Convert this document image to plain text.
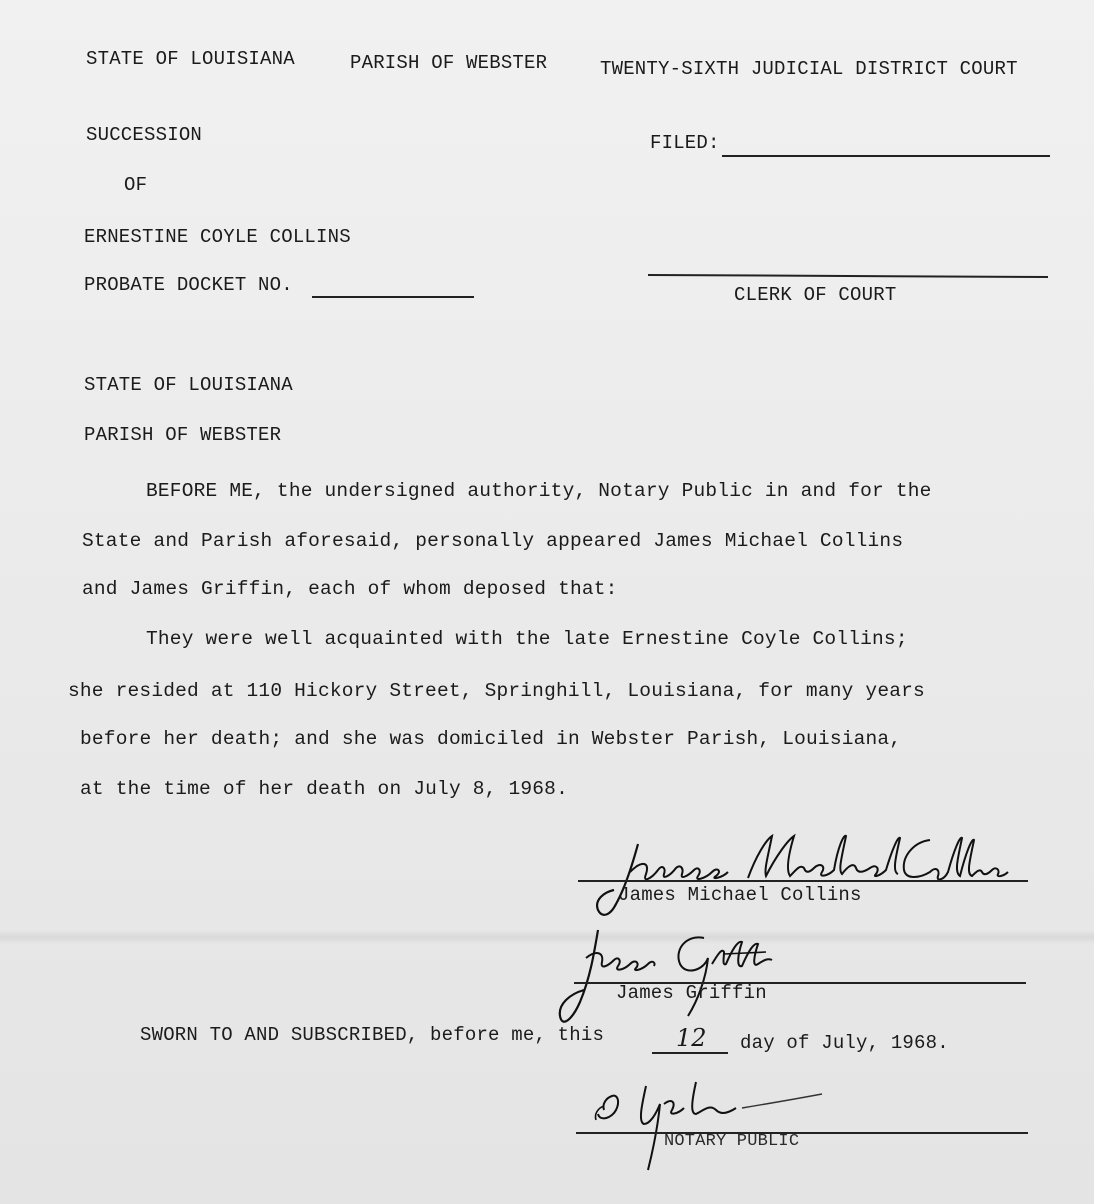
STATE OF LOUISIANA	PARISH OF WEBSTER	TWENTY-SIXTH JUDICIAL DISTRICT COURT
SUCCESSION
OF
ERNESTINE COYLE COLLINS
PROBATE DOCKET NO.
FILED:
CLERK OF COURT
STATE OF LOUISIANA
PARISH OF WEBSTER
BEFORE ME, the undersigned authority, Notary Public in and for the
State and Parish aforesaid, personally appeared James Michael Collins
and James Griffin, each of whom deposed that:
They were well acquainted with the late Ernestine Coyle Collins;
she resided at 110 Hickory Street, Springhill, Louisiana, for many years
before her death; and she was domiciled in Webster Parish, Louisiana,
at the time of her death on July 8, 1968.
James Michael Collins
James Griffin
SWORN TO AND SUBSCRIBED, before me, this	12 day of July, 1968.
NOTARY PUBLIC
